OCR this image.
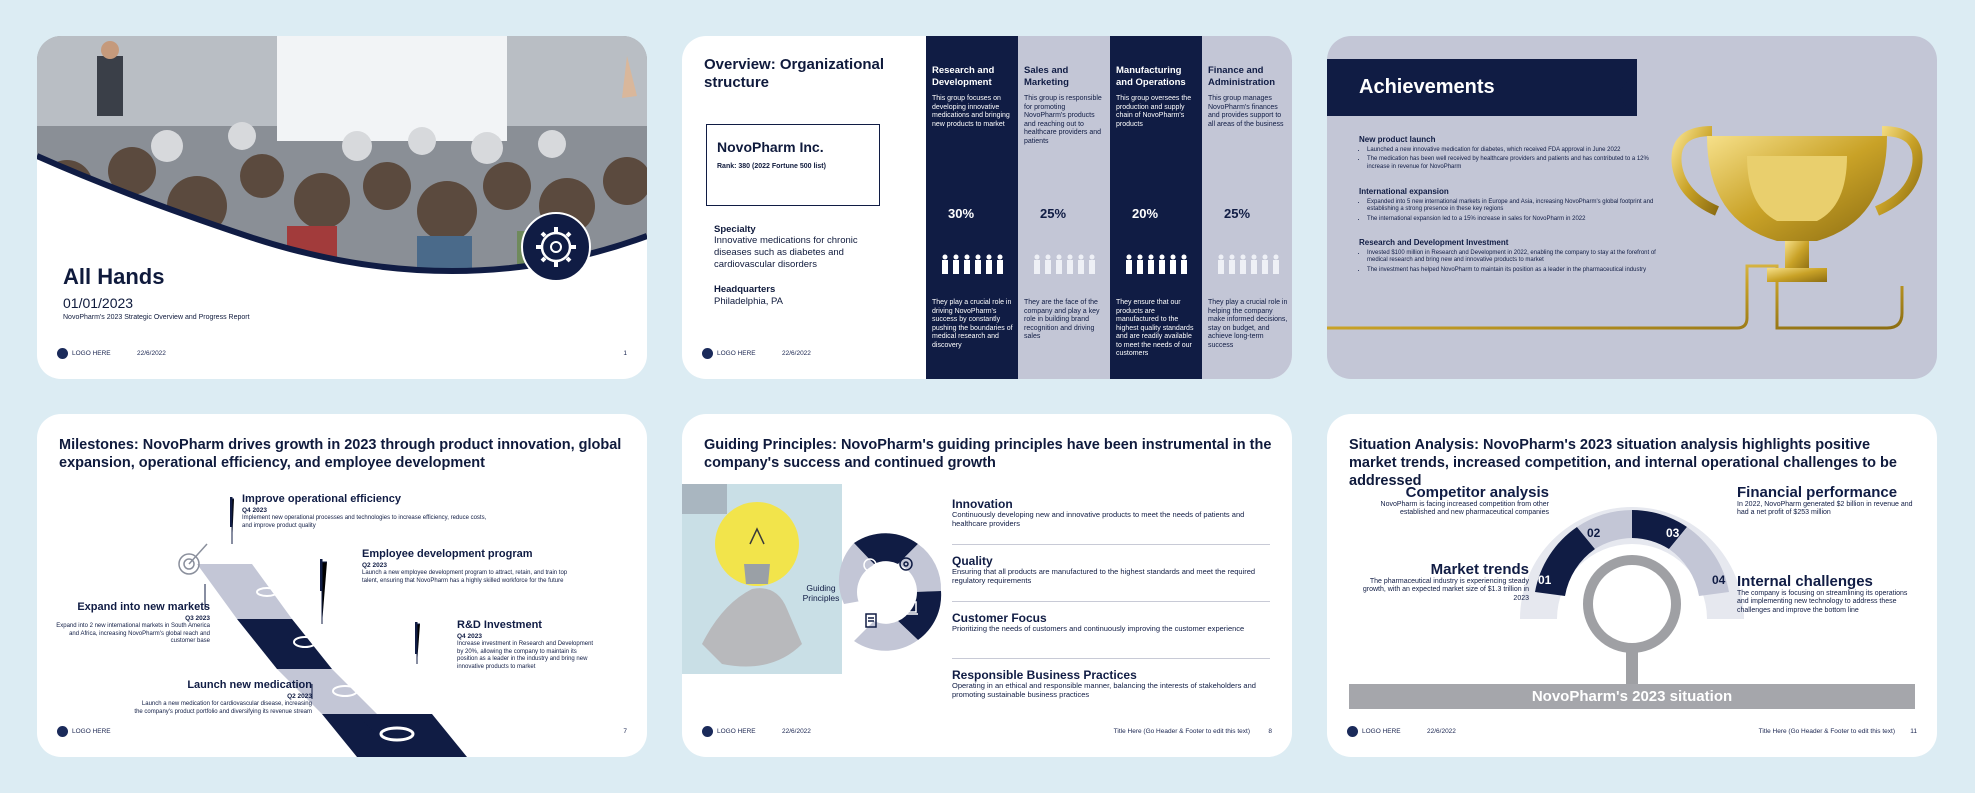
All Hands
01/01/2023
NovoPharm's 2023 Strategic Overview and Progress Report
LOGO HERE	22/6/2022	1
Overview: Organizational structure
NovoPharm Inc.
Rank: 380 (2022 Fortune 500 list)
Specialty
Innovative medications for chronic diseases such as diabetes and cardiovascular disorders
Headquarters
Philadelphia, PA
Research and Development
This group focuses on developing innovative medications and bringing new products to market
30%
They play a crucial role in driving NovoPharm's success by constantly pushing the boundaries of medical research and discovery
Sales and Marketing
This group is responsible for promoting NovoPharm's products and reaching out to healthcare providers and patients
25%
They are the face of the company and play a key role in building brand recognition and driving sales
Manufacturing and Operations
This group oversees the production and supply chain of NovoPharm's products
20%
They ensure that our products are manufactured to the highest quality standards and are readily available to meet the needs of our customers
Finance and Administration
This group manages NovoPharm's finances and provides support to all areas of the business
25%
They play a crucial role in helping the company make informed decisions, stay on budget, and achieve long-term success
LOGO HERE	22/6/2022
Achievements
New product launch
• Launched a new innovative medication for diabetes, which received FDA approval in June 2022
• The medication has been well received by healthcare providers and patients and has contributed to a 12% increase in revenue for NovoPharm
International expansion
• Expanded into 5 new international markets in Europe and Asia, increasing NovoPharm's global footprint and establishing a strong presence in these key regions
• The international expansion led to a 15% increase in sales for NovoPharm in 2022
Research and Development Investment
• Invested $100 million in Research and Development in 2022, enabling the company to stay at the forefront of medical research and bring new and innovative products to market
• The investment has helped NovoPharm to maintain its position as a leader in the pharmaceutical industry
Milestones: NovoPharm drives growth in 2023 through product innovation, global expansion, operational efficiency, and employee development
Improve operational efficiency
Q4 2023
Implement new operational processes and technologies to increase efficiency, reduce costs, and improve product quality
Employee development program
Q2 2023
Launch a new employee development program to attract, retain, and train top talent, ensuring that NovoPharm has a highly skilled workforce for the future
Expand into new markets
Q3 2023
Expand into 2 new international markets in South America and Africa, increasing NovoPharm's global reach and customer base
R&D Investment
Q4 2023
Increase investment in Research and Development by 20%, allowing the company to maintain its position as a leader in the industry and bring new innovative products to market
Launch new medication
Q2 2023
Launch a new medication for cardiovascular disease, increasing the company's product portfolio and diversifying its revenue stream
LOGO HERE	7
Guiding Principles: NovoPharm's guiding principles have been instrumental in the company's success and continued growth
Guiding Principles
Innovation
Continuously developing new and innovative products to meet the needs of patients and healthcare providers
Quality
Ensuring that all products are manufactured to the highest standards and meet the required regulatory requirements
Customer Focus
Prioritizing the needs of customers and continuously improving the customer experience
Responsible Business Practices
Operating in an ethical and responsible manner, balancing the interests of stakeholders and promoting sustainable business practices
LOGO HERE	22/6/2022	Title Here (Go Header & Footer to edit this text)	8
Situation Analysis: NovoPharm's 2023 situation analysis highlights positive market trends, increased competition, and internal operational challenges to be addressed
01
02	03
04
Competitor analysis
NovoPharm is facing increased competition from other established and new pharmaceutical companies
Market trends
The pharmaceutical industry is experiencing steady growth, with an expected market size of $1.3 trillion in 2023
Financial performance
In 2022, NovoPharm generated $2 billion in revenue and had a net profit of $253 million
Internal challenges
The company is focusing on streamlining its operations and implementing new technology to address these challenges and improve the bottom line
NovoPharm's 2023 situation
LOGO HERE	22/6/2022	Title Here (Go Header & Footer to edit this text) 11
